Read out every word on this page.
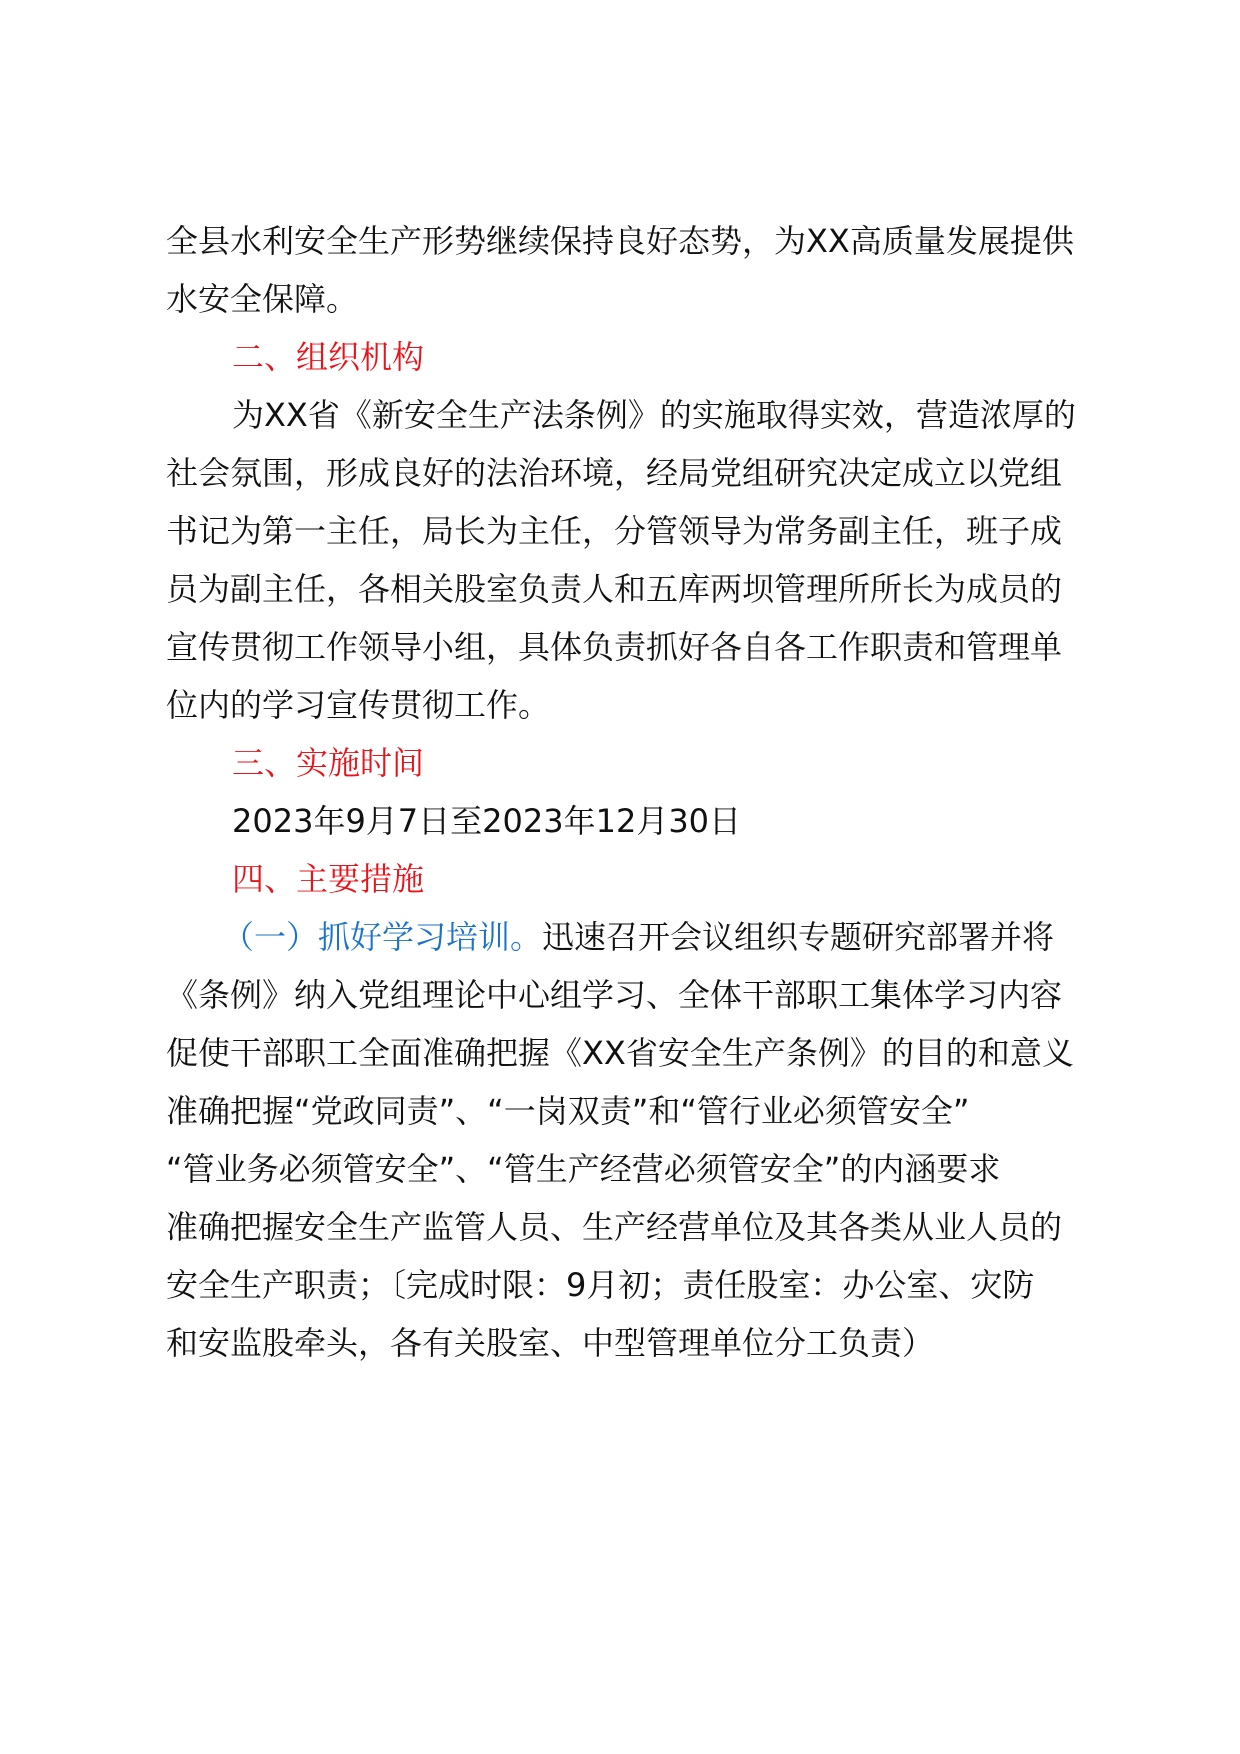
全县水利安全生产形势继续保持良好态势，为XX高质量发展提供
水安全保障。
二、组织机构
为XX省《新安全生产法条例》的实施取得实效，营造浓厚的
社会氛围，形成良好的法治环境，经局党组研究决定成立以党组
书记为第一主任，局长为主任，分管领导为常务副主任，班子成
员为副主任，各相关股室负责人和五库两坝管理所所长为成员的
宣传贯彻工作领导小组，具体负责抓好各自各工作职责和管理单
位内的学习宣传贯彻工作。
三、实施时间
2023年9月7日至2023年12月30日
四、主要措施
（一）抓好学习培训。迅速召开会议组织专题研究部署并将
《条例》纳入党组理论中心组学习、全体干部职工集体学习内容
促使干部职工全面准确把握《XX省安全生产条例》的目的和意义
准确把握“党政同责”、“一岗双责”和“管行业必须管安全”
“管业务必须管安全”、“管生产经营必须管安全”的内涵要求
准确把握安全生产监管人员、生产经营单位及其各类从业人员的
安全生产职责；〔完成时限：9月初；责任股室：办公室、灾防
和安监股牵头，各有关股室、中型管理单位分工负责）
